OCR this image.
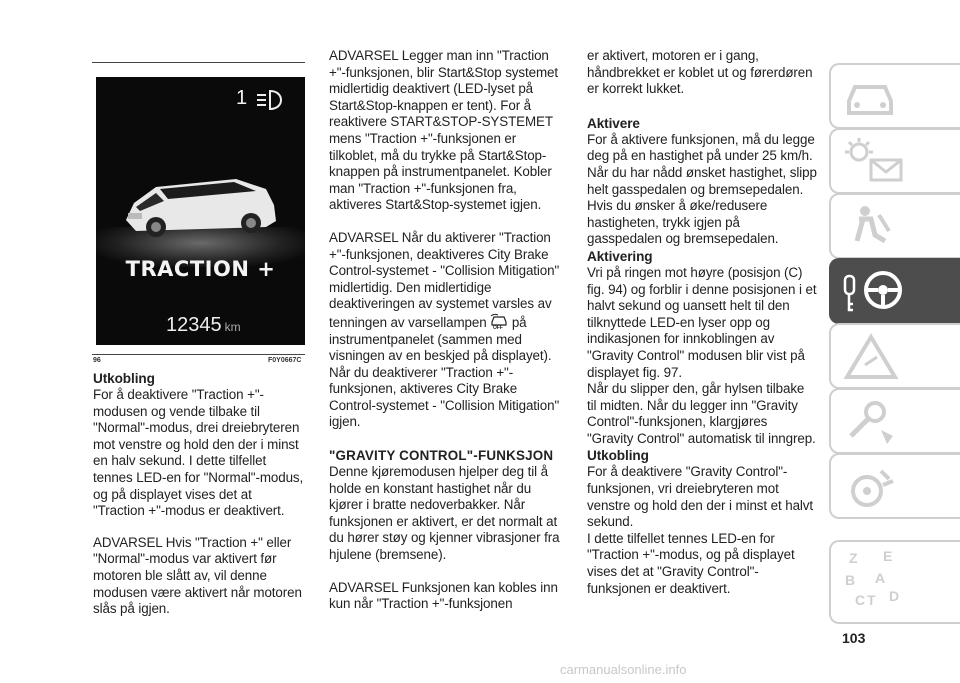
1
TRACTION +
12345 km
96	F0Y0667C
Utkobling

For å deaktivere "Traction +"-modusen og vende tilbake til "Normal"-modus, drei dreiebryteren mot venstre og hold den der i minst en halv sekund. I dette tilfellet tennes LED-en for "Normal"-modus, og på displayet vises det at "Traction +"-modus er deaktivert.

ADVARSEL Hvis "Traction +" eller "Normal"-modus var aktivert før motoren ble slått av, vil denne modusen være aktivert når motoren slås på igjen.

ADVARSEL Legger man inn "Traction +"-funksjonen, blir Start&Stop systemet midlertidig deaktivert (LED-lyset på Start&Stop-knappen er tent). For å reaktivere START&STOP-SYSTEMET mens "Traction +"-funksjonen er tilkoblet, må du trykke på Start&Stop-knappen på instrumentpanelet. Kobler man "Traction +"-funksjonen fra, aktiveres Start&Stop-systemet igjen.

ADVARSEL Når du aktiverer "Traction +"-funksjonen, deaktiveres City Brake Control-systemet - "Collision Mitigation" midlertidig. Den midlertidige deaktiveringen av systemet varsles av tenningen av varsellampen OFF på instrumentpanelet (sammen med visningen av en beskjed på displayet). Når du deaktiverer "Traction +"-funksjonen, aktiveres City Brake Control-systemet - "Collision Mitigation" igjen.

"GRAVITY CONTROL"-FUNKSJON

Denne kjøremodusen hjelper deg til å holde en konstant hastighet når du kjører i bratte nedoverbakker. Når funksjonen er aktivert, er det normalt at du hører støy og kjenner vibrasjoner fra hjulene (bremsene).

ADVARSEL Funksjonen kan kobles inn kun når "Traction +"-funksjonen

er aktivert, motoren er i gang, håndbrekket er koblet ut og førerdøren er korrekt lukket.

Aktivere

For å aktivere funksjonen, må du legge deg på en hastighet på under 25 km/h. Når du har nådd ønsket hastighet, slipp helt gasspedalen og bremsepedalen. Hvis du ønsker å øke/redusere hastigheten, trykk igjen på gasspedalen og bremsepedalen.

Aktivering

Vri på ringen mot høyre (posisjon (C) fig. 94) og forblir i denne posisjonen i et halvt sekund og uansett helt til den tilknyttede LED-en lyser opp og indikasjonen for innkoblingen av "Gravity Control" modusen blir vist på displayet fig. 97.

Når du slipper den, går hylsen tilbake til midten. Når du legger inn "Gravity Control"-funksjonen, klargjøres "Gravity Control" automatisk til inngrep.

Utkobling

For å deaktivere "Gravity Control"-funksjonen, vri dreiebryteren mot venstre og hold den der i minst et halvt sekund.

I dette tilfellet tennes LED-en for "Traction +"-modus, og på displayet vises det at "Gravity Control"-funksjonen er deaktivert.

103
carmanualsonline.info
Z E
B A
C T D
